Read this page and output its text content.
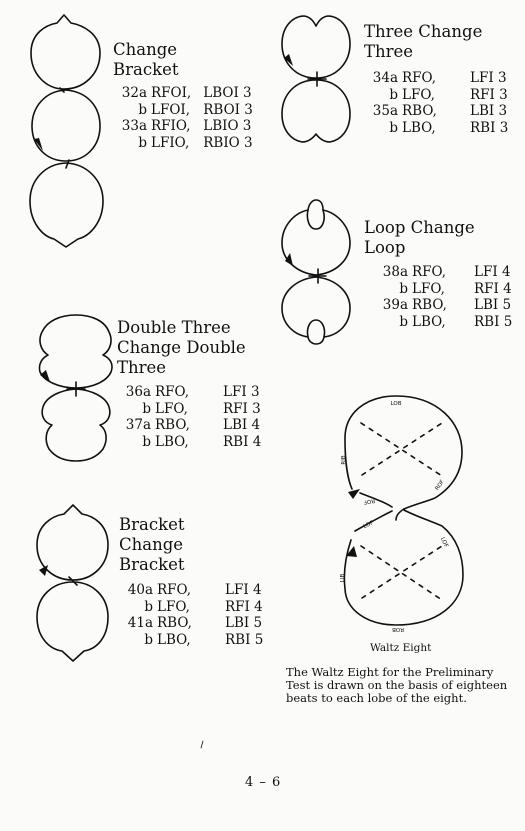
LOB
RIB
ROF
ROF
LOF
LOF
LIB
ROB
Change
Bracket
32a	RFOI,	LBOI 3
b	LFOI,	RBOI 3
33a	RFIO,	LBIO 3
b	LFIO,	RBIO 3
Three Change
Three
34a	RFO,	LFI 3
b	LFO,	RFI 3
35a	RBO,	LBI 3
b	LBO,	RBI 3
Loop Change
Loop
38a	RFO,	LFI 4
b	LFO,	RFI 4
39a	RBO,	LBI 5
b	LBO,	RBI 5
Double Three
Change Double
Three
36a	RFO,	LFI 3
b	LFO,	RFI 3
37a	RBO,	LBI 4
b	LBO,	RBI 4
Bracket
Change
Bracket
40a	RFO,	LFI 4
b	LFO,	RFI 4
41a	RBO,	LBI 5
b	LBO,	RBI 5
Waltz Eight
The Waltz Eight for the Preliminary Test is drawn on the basis of eighteen beats to each lobe of the eight.
4 – 6
